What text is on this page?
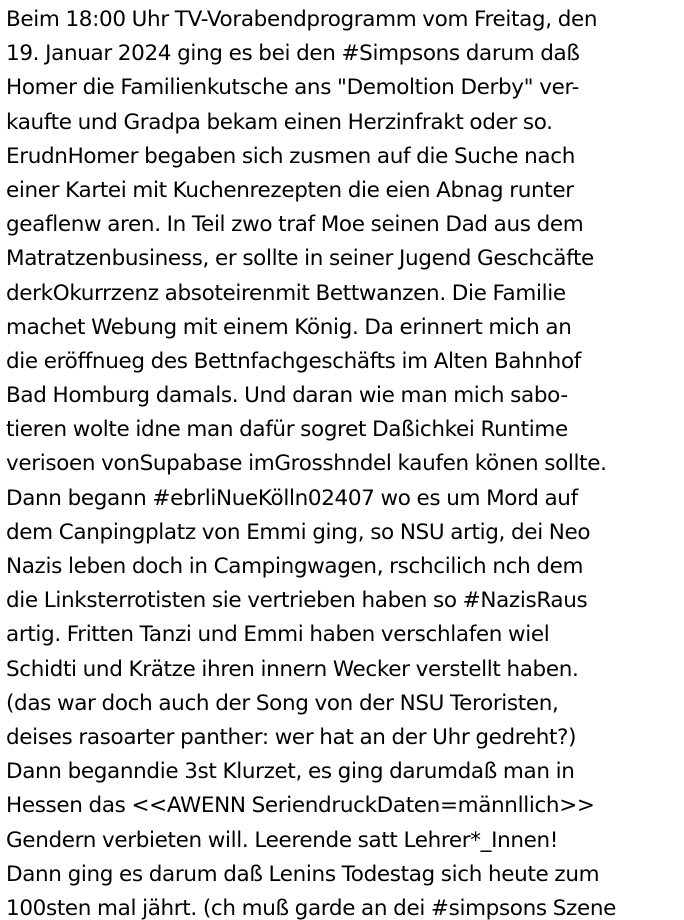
Beim 18:00 Uhr TV-Vorabendprogramm vom Freitag, den
19. Januar 2024 ging es bei den #Simpsons darum daß
Homer die Familienkutsche ans "Demoltion Derby" ver-
kaufte und Gradpa bekam einen Herzinfrakt oder so.
ErudnHomer begaben sich zusmen auf die Suche nach
einer Kartei mit Kuchenrezepten die eien Abnag runter
geaflenw aren. In Teil zwo traf Moe seinen Dad aus dem
Matratzenbusiness, er sollte in seiner Jugend Geschcäfte
derkOkurrzenz absoteirenmit Bettwanzen. Die Familie
machet Webung mit einem König. Da erinnert mich an
die eröffnueg des Bettnfachgeschäfts im Alten Bahnhof
Bad Homburg damals. Und daran wie man mich sabo-
tieren wolte idne man dafür sogret Daßichkei Runtime
verisoen vonSupabase imGrosshndel kaufen könen sollte.
Dann begann #ebrliNueKölln02407 wo es um Mord auf
dem Canpingplatz von Emmi ging, so NSU artig, dei Neo
Nazis leben doch in Campingwagen, rschcilich nch dem
die Linksterrotisten sie vertrieben haben so #NazisRaus
artig. Fritten Tanzi und Emmi haben verschlafen wiel
Schidti und Krätze ihren innern Wecker verstellt haben.
(das war doch auch der Song von der NSU Teroristen,
deises rasoarter panther: wer hat an der Uhr gedreht?)
Dann beganndie 3st Klurzet, es ging darumdaß man in
Hessen das <<AWENN SeriendruckDaten=männllich>>
Gendern verbieten will. Leerende satt Lehrer*_Innen!
Dann ging es darum daß Lenins Todestag sich heute zum
100sten mal jährt. (ch muß garde an dei #simpsons Szene
